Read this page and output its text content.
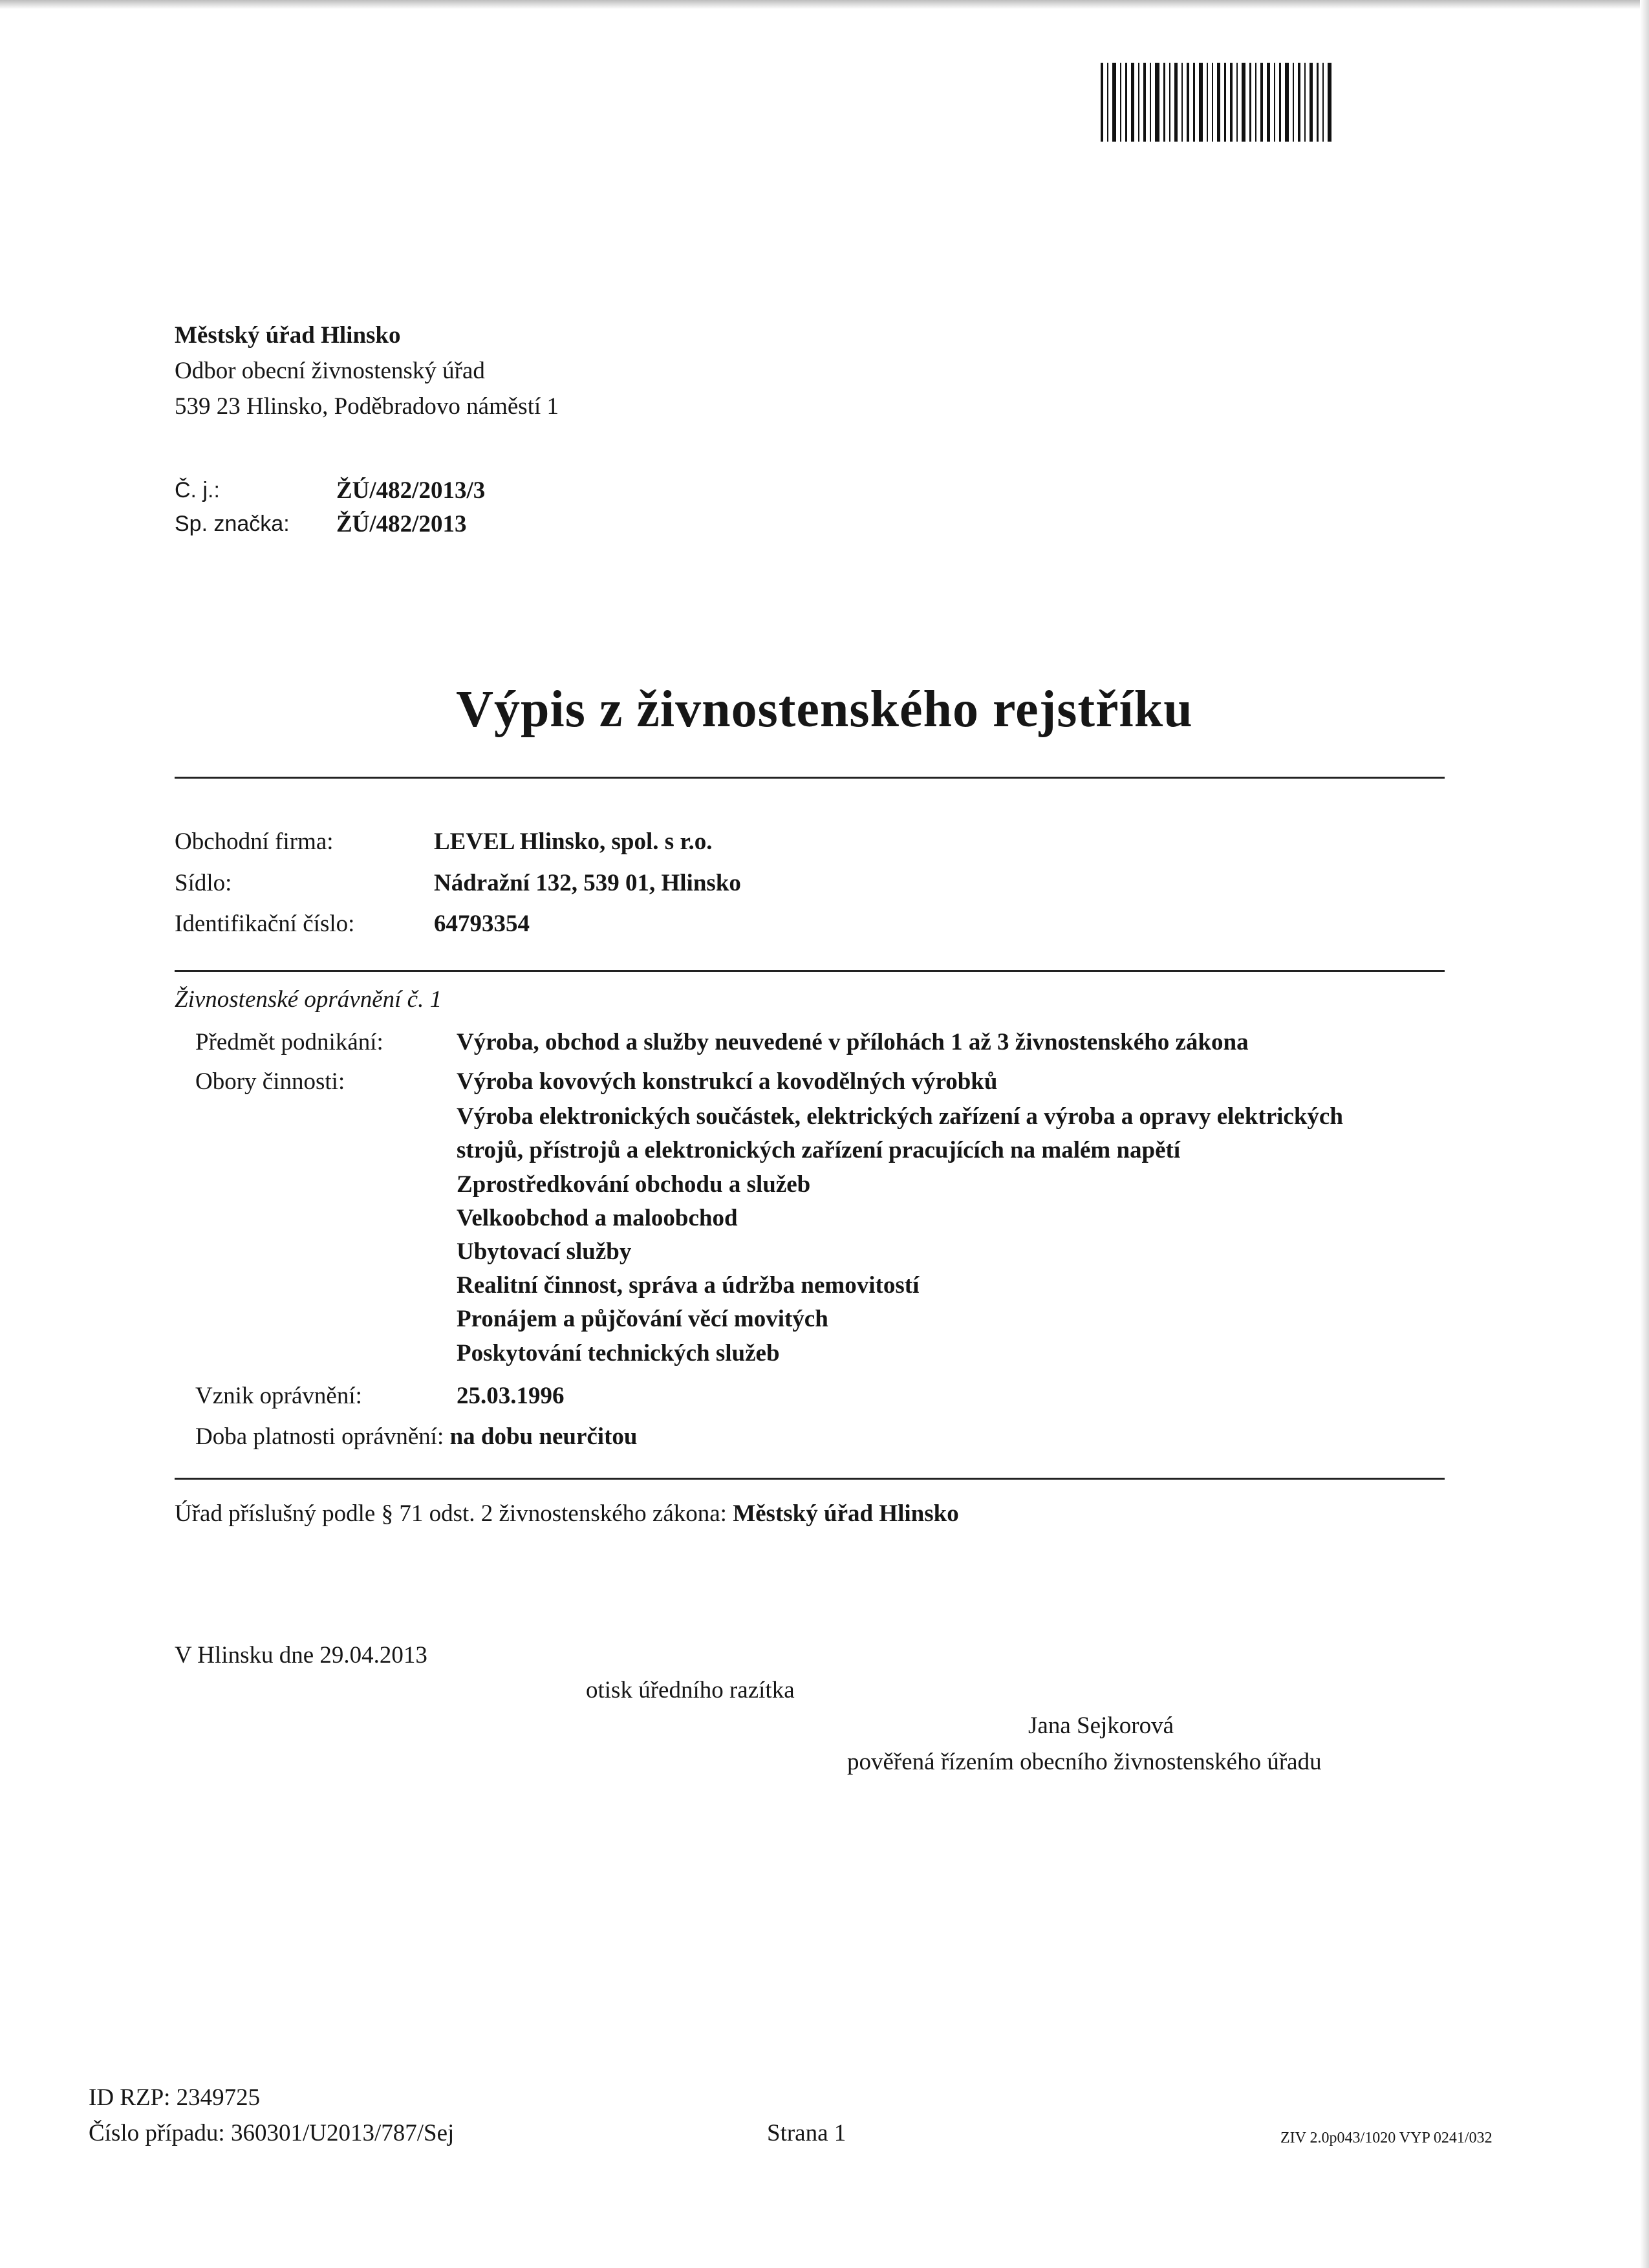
Městský úřad Hlinsko
Odbor obecní živnostenský úřad
539 23 Hlinsko, Poděbradovo náměstí 1
Č. j.:	ŽÚ/482/2013/3
Sp. značka: ŽÚ/482/2013
Výpis z živnostenského rejstříku
Obchodní firma:	LEVEL Hlinsko, spol. s r.o.
Sídlo:	Nádražní 132, 539 01, Hlinsko
Identifikační číslo:	64793354
Živnostenské oprávnění č. 1
Předmět podnikání:	Výroba, obchod a služby neuvedené v přílohách 1 až 3 živnostenského zákona
Obory činnosti:	Výroba kovových konstrukcí a kovodělných výrobků
Výroba elektronických součástek, elektrických zařízení a výroba a opravy elektrických
strojů, přístrojů a elektronických zařízení pracujících na malém napětí
Zprostředkování obchodu a služeb
Velkoobchod a maloobchod
Ubytovací služby
Realitní činnost, správa a údržba nemovitostí
Pronájem a půjčování věcí movitých
Poskytování technických služeb
Vznik oprávnění:	25.03.1996
Doba platnosti oprávnění: na dobu neurčitou
Úřad příslušný podle § 71 odst. 2 živnostenského zákona: Městský úřad Hlinsko
V Hlinsku dne 29.04.2013
otisk úředního razítka
Jana Sejkorová
pověřená řízením obecního živnostenského úřadu
ID RZP: 2349725
Číslo případu: 360301/U2013/787/Sej	Strana 1	ZIV 2.0p043/1020 VYP 0241/032
